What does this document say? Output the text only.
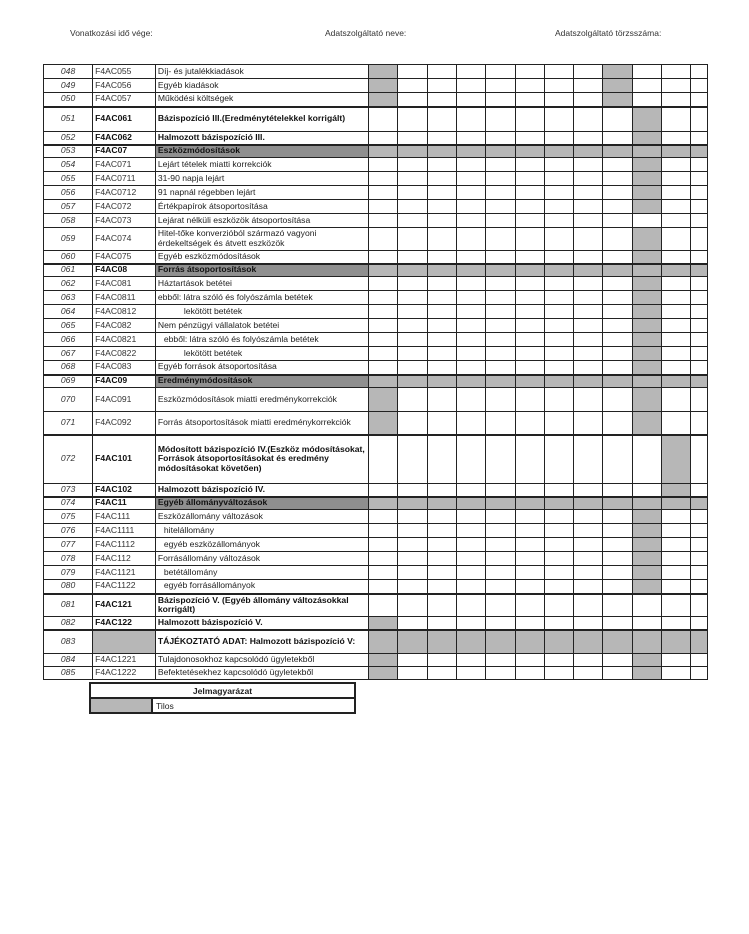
Vonatkozási idő vége:	Adatszolgáltató neve:	Adatszolgáltató törzsszáma:
048	F4AC055	Díj- és jutalékkiadások												
049	F4AC056	Egyéb kiadások												
050	F4AC057	Működési költségek												
051	F4AC061	Bázispozíció III.(Eredménytételekkel korrigált)												
052	F4AC062	Halmozott bázispozíció III.												
053	F4AC07	Eszközmódosítások												
054	F4AC071	Lejárt tételek miatti korrekciók												
055	F4AC0711	31-90 napja lejárt												
056	F4AC0712	91 napnál régebben lejárt												
057	F4AC072	Értékpapírok átsoportosítása												
058	F4AC073	Lejárat nélküli eszközök átsoportosítása												
059	F4AC074	Hitel-tőke konverzióból származó vagyoni érdekeltségek és átvett eszközök												
060	F4AC075	Egyéb eszközmódosítások												
061	F4AC08	Forrás átsoportosítások												
062	F4AC081	Háztartások betétei												
063	F4AC0811	ebből: látra szóló és folyószámla betétek												
064	F4AC0812	lekötött betétek												
065	F4AC082	Nem pénzügyi vállalatok betétei												
066	F4AC0821	ebből: látra szóló és folyószámla betétek												
067	F4AC0822	lekötött betétek												
068	F4AC083	Egyéb források átsoportosítása												
069	F4AC09	Eredménymódosítások												
070	F4AC091	Eszközmódosítások miatti eredménykorrekciók												
071	F4AC092	Forrás átsoportosítások miatti eredménykorrekciók												
072	F4AC101	Módosított bázispozíció IV.(Eszköz módosításokat, Források átsoportosításokat és eredmény módosításokat követően)												
073	F4AC102	Halmozott bázispozíció IV.												
074	F4AC11	Egyéb állományváltozások												
075	F4AC111	Eszközállomány változások												
076	F4AC1111	hitelállomány												
077	F4AC1112	egyéb eszközállományok												
078	F4AC112	Forrásállomány változások												
079	F4AC1121	betétállomány												
080	F4AC1122	egyéb forrásállományok												
081	F4AC121	Bázispozíció V. (Egyéb állomány változásokkal korrigált)												
082	F4AC122	Halmozott bázispozíció V.												
083		TÁJÉKOZTATÓ ADAT: Halmozott bázispozíció V:												
084	F4AC1221	Tulajdonosokhoz kapcsolódó ügyletekből												
085	F4AC1222	Befektetésekhez kapcsolódó ügyletekből												
Jelmagyarázat
	Tilos
